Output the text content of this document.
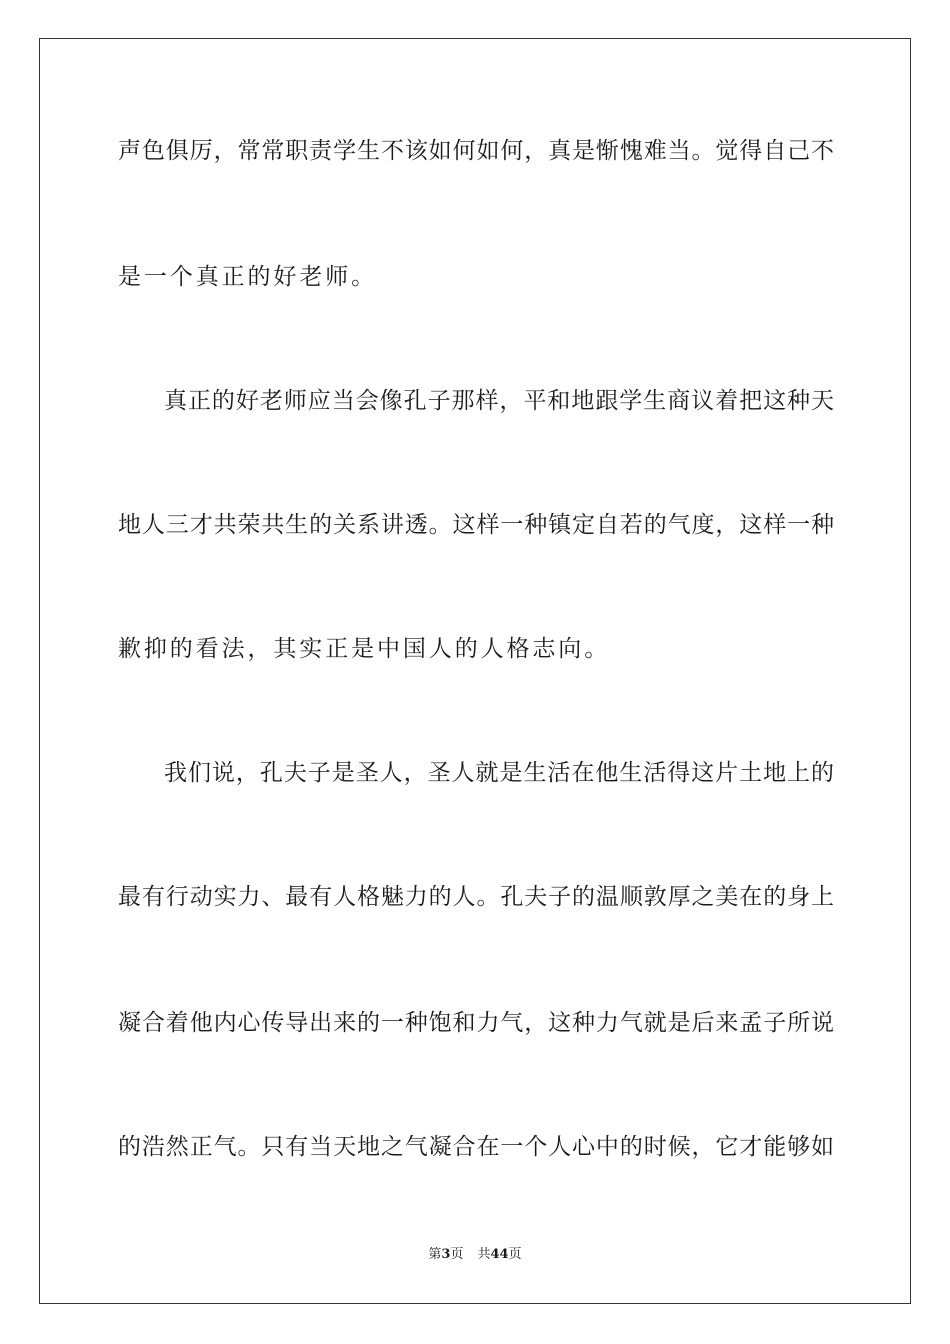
声色俱厉，常常职责学生不该如何如何，真是惭愧难当。觉得自己不
是一个真正的好老师。
真正的好老师应当会像孔子那样，平和地跟学生商议着把这种天
地人三才共荣共生的关系讲透。这样一种镇定自若的气度，这样一种
歉抑的看法，其实正是中国人的人格志向。
我们说，孔夫子是圣人，圣人就是生活在他生活得这片土地上的
最有行动实力、最有人格魅力的人。孔夫子的温顺敦厚之美在的身上
凝合着他内心传导出来的一种饱和力气，这种力气就是后来孟子所说
的浩然正气。只有当天地之气凝合在一个人心中的时候，它才能够如
第3页 共44页
